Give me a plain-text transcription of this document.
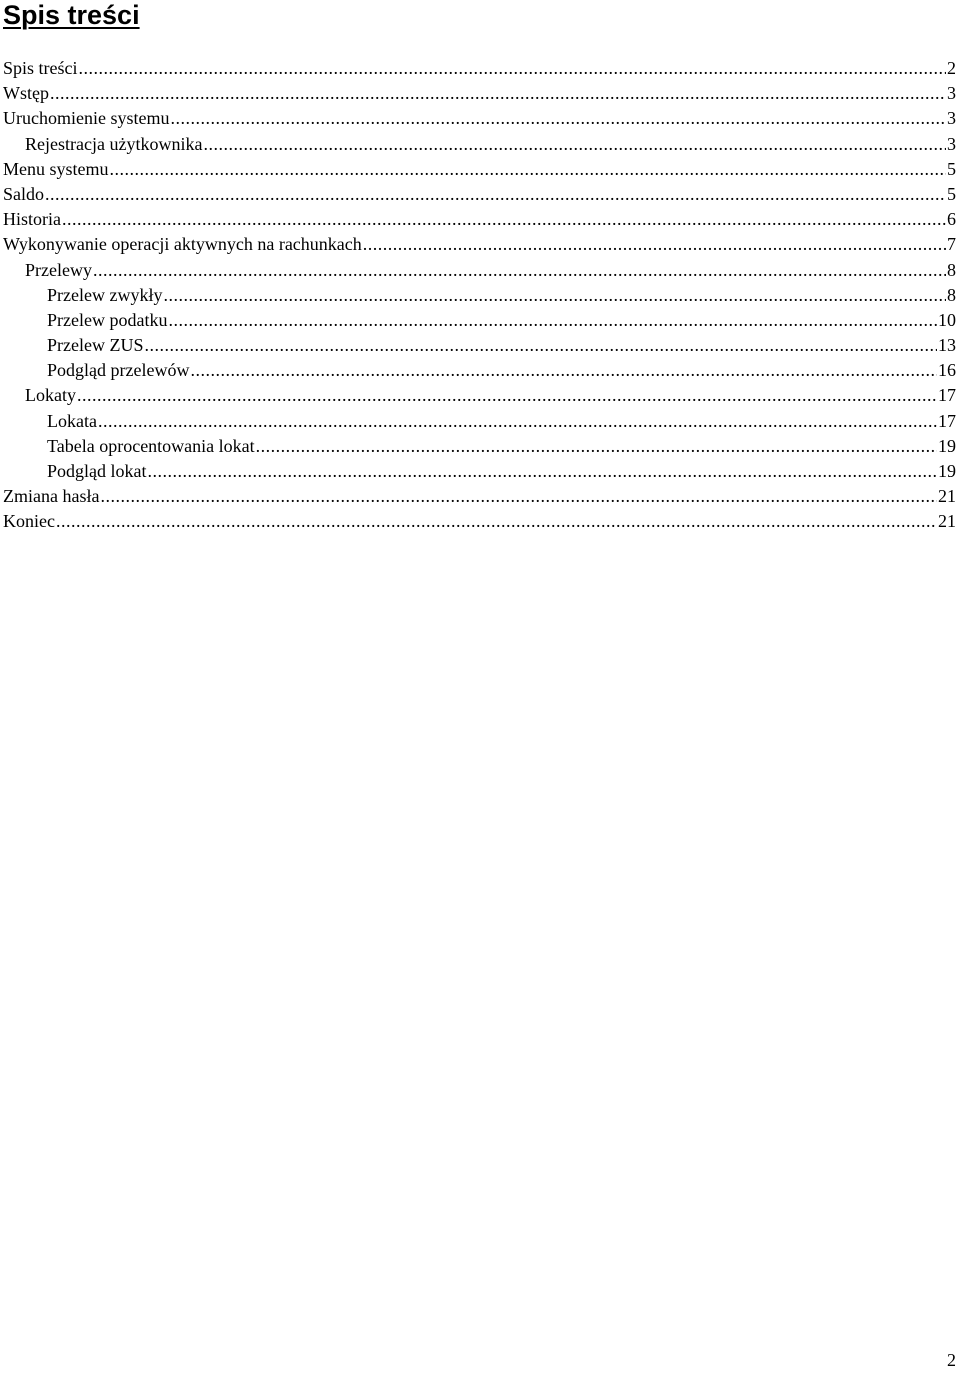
Spis treści
Spis treści .....	2
Wstęp .....	3
Uruchomienie systemu .....	3
Rejestracja użytkownika .....	3
Menu systemu .....	5
Saldo .....	5
Historia .....	6
Wykonywanie operacji aktywnych na rachunkach .....	7
Przelewy .....	8
Przelew zwykły .....	8
Przelew podatku .....	10
Przelew ZUS .....	13
Podgląd przelewów .....	16
Lokaty .....	17
Lokata .....	17
Tabela oprocentowania lokat .....	19
Podgląd lokat .....	19
Zmiana hasła .....	21
Koniec .....	21
2
